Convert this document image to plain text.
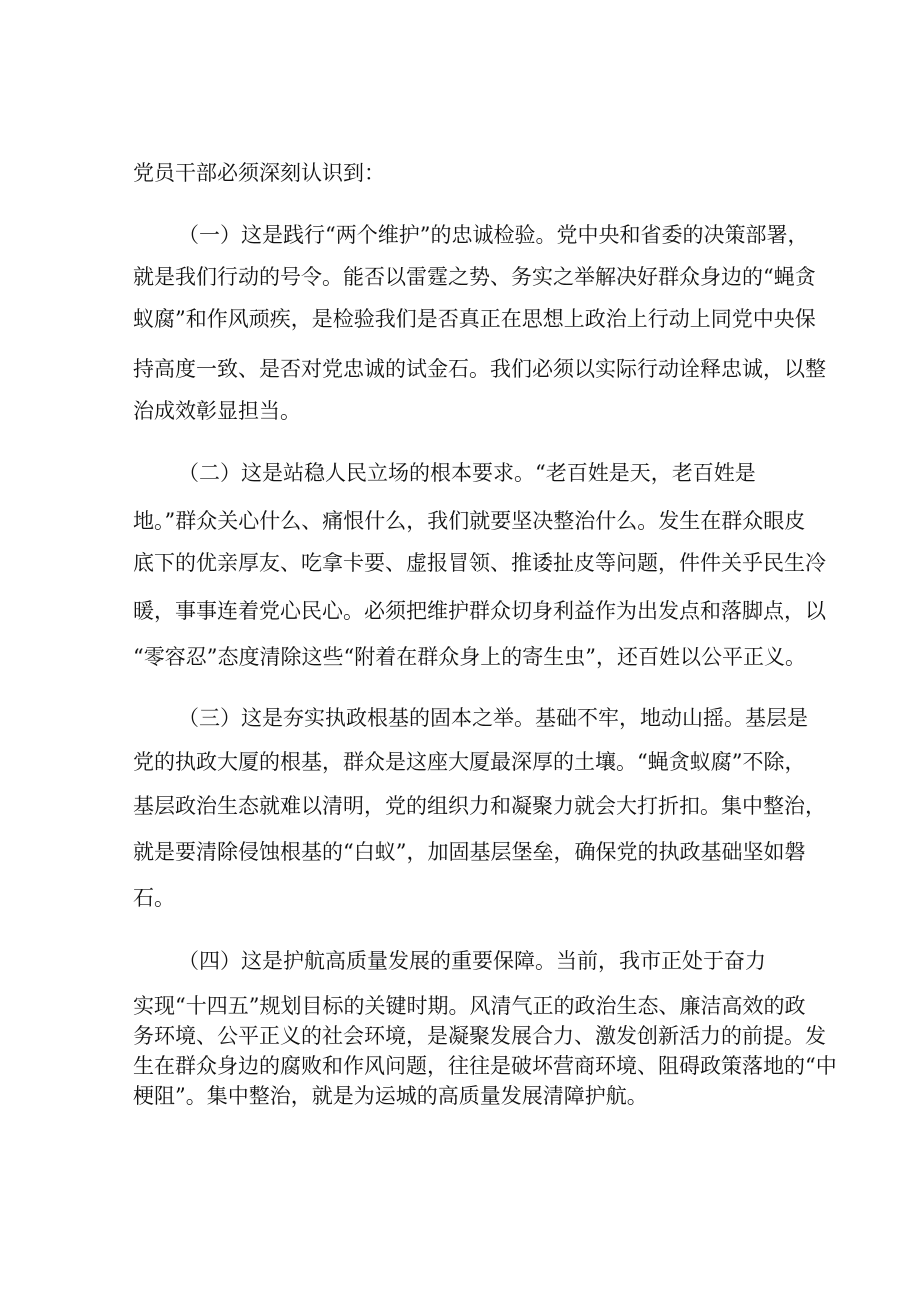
党员干部必须深刻认识到：
（一）这是践行“两个维护”的忠诚检验。党中央和省委的决策部署，
就是我们行动的号令。能否以雷霆之势、务实之举解决好群众身边的“蝇贪
蚁腐”和作风顽疾，是检验我们是否真正在思想上政治上行动上同党中央保
持高度一致、是否对党忠诚的试金石。我们必须以实际行动诠释忠诚，以整
治成效彰显担当。
（二）这是站稳人民立场的根本要求。“老百姓是天，老百姓是
地。”群众关心什么、痛恨什么，我们就要坚决整治什么。发生在群众眼皮
底下的优亲厚友、吃拿卡要、虚报冒领、推诿扯皮等问题，件件关乎民生冷
暖，事事连着党心民心。必须把维护群众切身利益作为出发点和落脚点，以
“零容忍”态度清除这些“附着在群众身上的寄生虫”，还百姓以公平正义。
（三）这是夯实执政根基的固本之举。基础不牢，地动山摇。基层是
党的执政大厦的根基，群众是这座大厦最深厚的土壤。“蝇贪蚁腐”不除，
基层政治生态就难以清明，党的组织力和凝聚力就会大打折扣。集中整治，
就是要清除侵蚀根基的“白蚁”，加固基层堡垒，确保党的执政基础坚如磐
石。
（四）这是护航高质量发展的重要保障。当前，我市正处于奋力
实现“十四五”规划目标的关键时期。风清气正的政治生态、廉洁高效的政
务环境、公平正义的社会环境，是凝聚发展合力、激发创新活力的前提。发
生在群众身边的腐败和作风问题，往往是破坏营商环境、阻碍政策落地的“中
梗阻”。集中整治，就是为运城的高质量发展清障护航。
